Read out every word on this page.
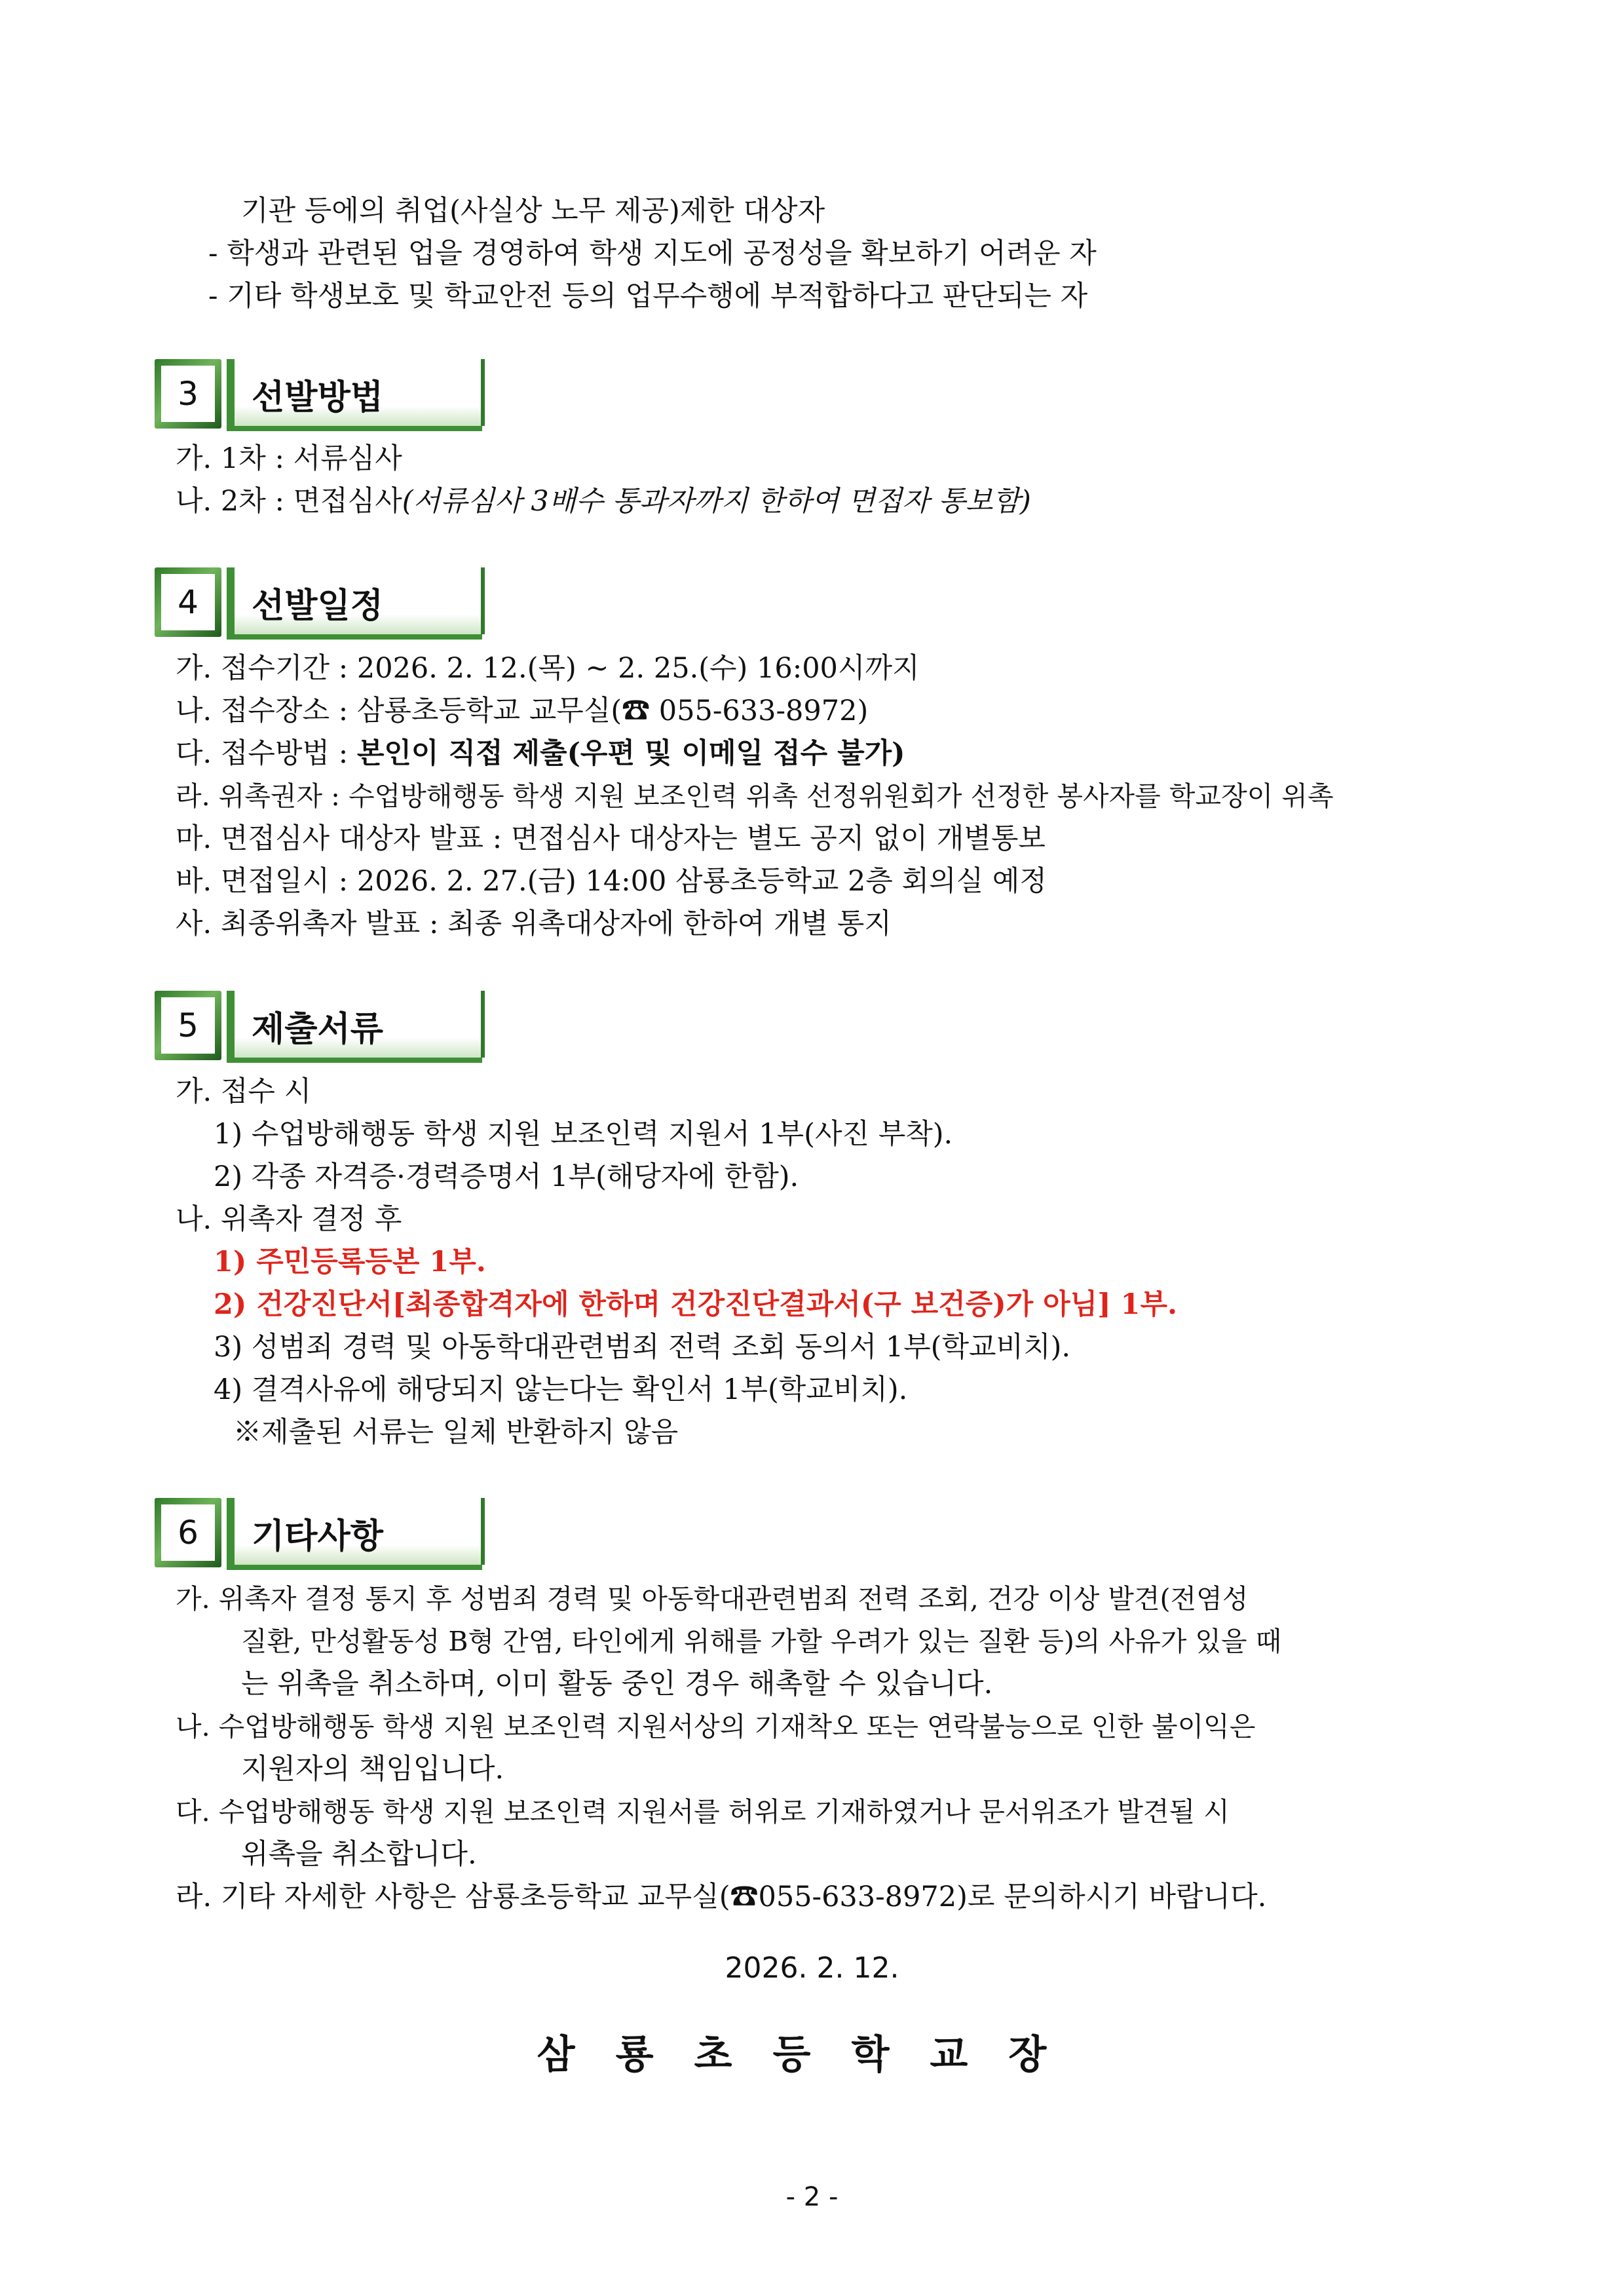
기관 등에의 취업(사실상 노무 제공)제한 대상자
- 학생과 관련된 업을 경영하여 학생 지도에 공정성을 확보하기 어려운 자
- 기타 학생보호 및 학교안전 등의 업무수행에 부적합하다고 판단되는 자
3	선발방법
가. 1차 : 서류심사
나. 2차 : 면접심사(서류심사 3배수 통과자까지 한하여 면접자 통보함)
4	선발일정
가. 접수기간 : 2026. 2. 12.(목) ~ 2. 25.(수) 16:00시까지
나. 접수장소 : 삼룡초등학교 교무실(☎ 055-633-8972)
다. 접수방법 : 본인이 직접 제출(우편 및 이메일 접수 불가)
라. 위촉권자 : 수업방해행동 학생 지원 보조인력 위촉 선정위원회가 선정한 봉사자를 학교장이 위촉
마. 면접심사 대상자 발표 : 면접심사 대상자는 별도 공지 없이 개별통보
바. 면접일시 : 2026. 2. 27.(금) 14:00 삼룡초등학교 2층 회의실 예정
사. 최종위촉자 발표 : 최종 위촉대상자에 한하여 개별 통지
5	제출서류
가. 접수 시
1) 수업방해행동 학생 지원 보조인력 지원서 1부(사진 부착).
2) 각종 자격증·경력증명서 1부(해당자에 한함).
나. 위촉자 결정 후
1) 주민등록등본 1부.
2) 건강진단서[최종합격자에 한하며 건강진단결과서(구 보건증)가 아님] 1부.
3) 성범죄 경력 및 아동학대관련범죄 전력 조회 동의서 1부(학교비치).
4) 결격사유에 해당되지 않는다는 확인서 1부(학교비치).
※제출된 서류는 일체 반환하지 않음
6	기타사항
가. 위촉자 결정 통지 후 성범죄 경력 및 아동학대관련범죄 전력 조회, 건강 이상 발견(전염성
질환, 만성활동성 B형 간염, 타인에게 위해를 가할 우려가 있는 질환 등)의 사유가 있을 때
는 위촉을 취소하며, 이미 활동 중인 경우 해촉할 수 있습니다.
나. 수업방해행동 학생 지원 보조인력 지원서상의 기재착오 또는 연락불능으로 인한 불이익은
지원자의 책임입니다.
다. 수업방해행동 학생 지원 보조인력 지원서를 허위로 기재하였거나 문서위조가 발견될 시
위촉을 취소합니다.
라. 기타 자세한 사항은 삼룡초등학교 교무실(☎055-633-8972)로 문의하시기 바랍니다.
2026. 2. 12.
삼룡초등학교장
- 2 -
